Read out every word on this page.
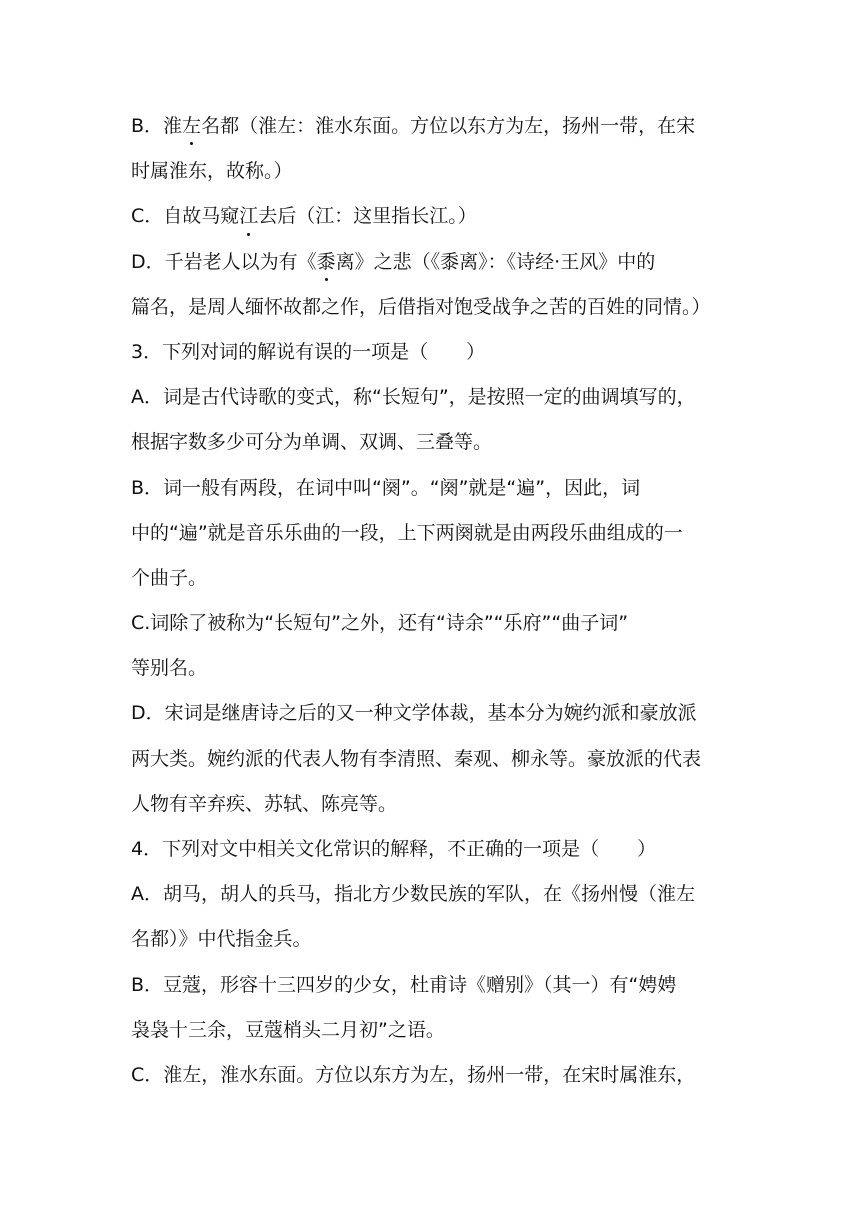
B．淮左名都（淮左：淮水东面。方位以东方为左，扬州一带，在宋
时属淮东，故称。）
C．自故马窥江去后（江：这里指长江。）
D．千岩老人以为有《黍离》之悲（《黍离》：《诗经·王风》中的
篇名，是周人缅怀故都之作，后借指对饱受战争之苦的百姓的同情。）
3．下列对词的解说有误的一项是（　　）
A．词是古代诗歌的变式，称“长短句”，是按照一定的曲调填写的，
根据字数多少可分为单调、双调、三叠等。
B．词一般有两段，在词中叫“阕”。“阕”就是“遍”，因此，词
中的“遍”就是音乐乐曲的一段，上下两阕就是由两段乐曲组成的一
个曲子。
C.词除了被称为“长短句”之外，还有“诗余”“乐府”“曲子词”
等别名。
D．宋词是继唐诗之后的又一种文学体裁，基本分为婉约派和豪放派
两大类。婉约派的代表人物有李清照、秦观、柳永等。豪放派的代表
人物有辛弃疾、苏轼、陈亮等。
4．下列对文中相关文化常识的解释，不正确的一项是（　　）
A．胡马，胡人的兵马，指北方少数民族的军队，在《扬州慢（淮左
名都）》中代指金兵。
B．豆蔻，形容十三四岁的少女，杜甫诗《赠别》（其一）有“娉娉
袅袅十三余，豆蔻梢头二月初”之语。
C．淮左，淮水东面。方位以东方为左，扬州一带，在宋时属淮东，
